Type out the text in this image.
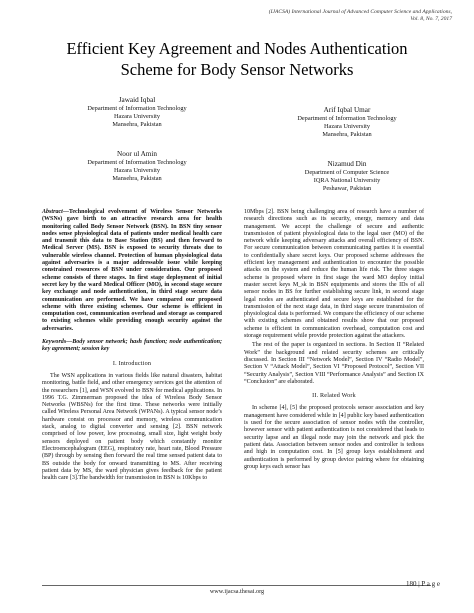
(IJACSA) International Journal of Advanced Computer Science and Applications,
Vol. 8, No. 7, 2017
Efficient Key Agreement and Nodes Authentication
Scheme for Body Sensor Networks
Jawaid Iqbal
Department of Information Technology
Hazara University
Mansehra, Pakistan
Arif Iqbal Umar
Department of Information Technology
Hazara University
Mansehra, Pakistan
Noor ul Amin
Department of Information Technology
Hazara University
Mansehra, Pakistan
Nizamud Din
Department of Computer Science
IQRA National University
Peshawar, Pakistan
Abstract—Technological evolvement of Wireless Sensor Networks (WSNs) gave birth to an attractive research area for health monitoring called Body Sensor Network (BSN). In BSN tiny sensor nodes sense physiological data of patients under medical health care and transmit this data to Base Station (BS) and then forward to Medical Server (MS). BSN is exposed to security threats due to vulnerable wireless channel. Protection of human physiological data against adversaries is a major addressable issue while keeping constrained resources of BSN under consideration. Our proposed scheme consists of three stages. In first stage deployment of initial secret key by the ward Medical Officer (MO), in second stage secure key exchange and node authentication, in third stage secure data communication are performed. We have compared our proposed scheme with three existing schemes. Our scheme is efficient in computation cost, communication overhead and storage as compared to existing schemes while providing enough security against the adversaries.
Keywords—Body sensor network; hash function; node authentication; key agreement; session key
I. Introduction

The WSN applications in various fields like natural disasters, habitat monitoring, battle field, and other emergency services got the attention of the researchers [1], and WSN evolved to BSN for medical applications. In 1996 T.G. Zimmerman proposed the idea of Wireless Body Sensor Networks (WBSNs) for the first time. These networks were initially called Wireless Personal Area Network (WPANs). A typical sensor node’s hardware consist on processor and memory, wireless communication stack, analog to digital converter and sensing [2]. BSN network comprised of low power, low processing, small size, light weight body sensors deployed on patient body which constantly monitor Electroencephalogram (EEG), respiratory rate, heart rate, Blood Pressure (BP) through by sensing then forward the real time sensed patient data to BS outside the body for onward transmitting to MS. After receiving patient data by MS, the ward physician gives feedback for the patient health care [3].The bandwidth for transmission in BSN is 10Kbps to

10Mbps [2]. BSN being challenging area of research have a number of research directions such as its security, energy, memory and data management. We accept the challenge of secure and authentic transmission of patient physiological data to the legal user (MO) of the network while keeping adversary attacks and overall efficiency of BSN. For secure communication between communicating parties it is essential to confidentially share secret keys. Our proposed scheme addresses the efficient key management and authentication to encounter the possible attacks on the system and reduce the human life risk. The three stages scheme is proposed where in first stage the ward MO deploy initial master secret keys M_sk in BSN equipments and stores the IDs of all sensor nodes in BS for further establishing secure link, in second stage legal nodes are authenticated and secure keys are established for the transmission of the next stage data, in third stage secure transmission of physiological data is performed. We compare the efficiency of our scheme with existing schemes and obtained results show that our proposed scheme is efficient in communication overhead, computation cost and storage requirement while provide protection against the attackers.

The rest of the paper is organized in sections. In Section II “Related Work” the background and related security schemes are critically discussed. In Section III “Network Model”, Section IV “Radio Model”, Section V “Attack Model”, Section VI “Proposed Protocol”, Section VII “Security Analysis”, Section VIII “Performance Analysis” and Section IX “Conclusion” are elaborated.

II. Related Work

In scheme [4], [5] the proposed protocols sensor association and key management have considered while in [4] public key based authentication is used for the secure association of sensor nodes with the controller, however sensor with patient authentication is not considered that leads to security lapse and an illegal node may join the network and pick the patient data. Association between sensor nodes and controller is tedious and high in computation cost. In [5] group keys establishment and authentication is performed by group device pairing where for obtaining group keys each sensor has

180 | P a g e
www.ijacsa.thesai.org
